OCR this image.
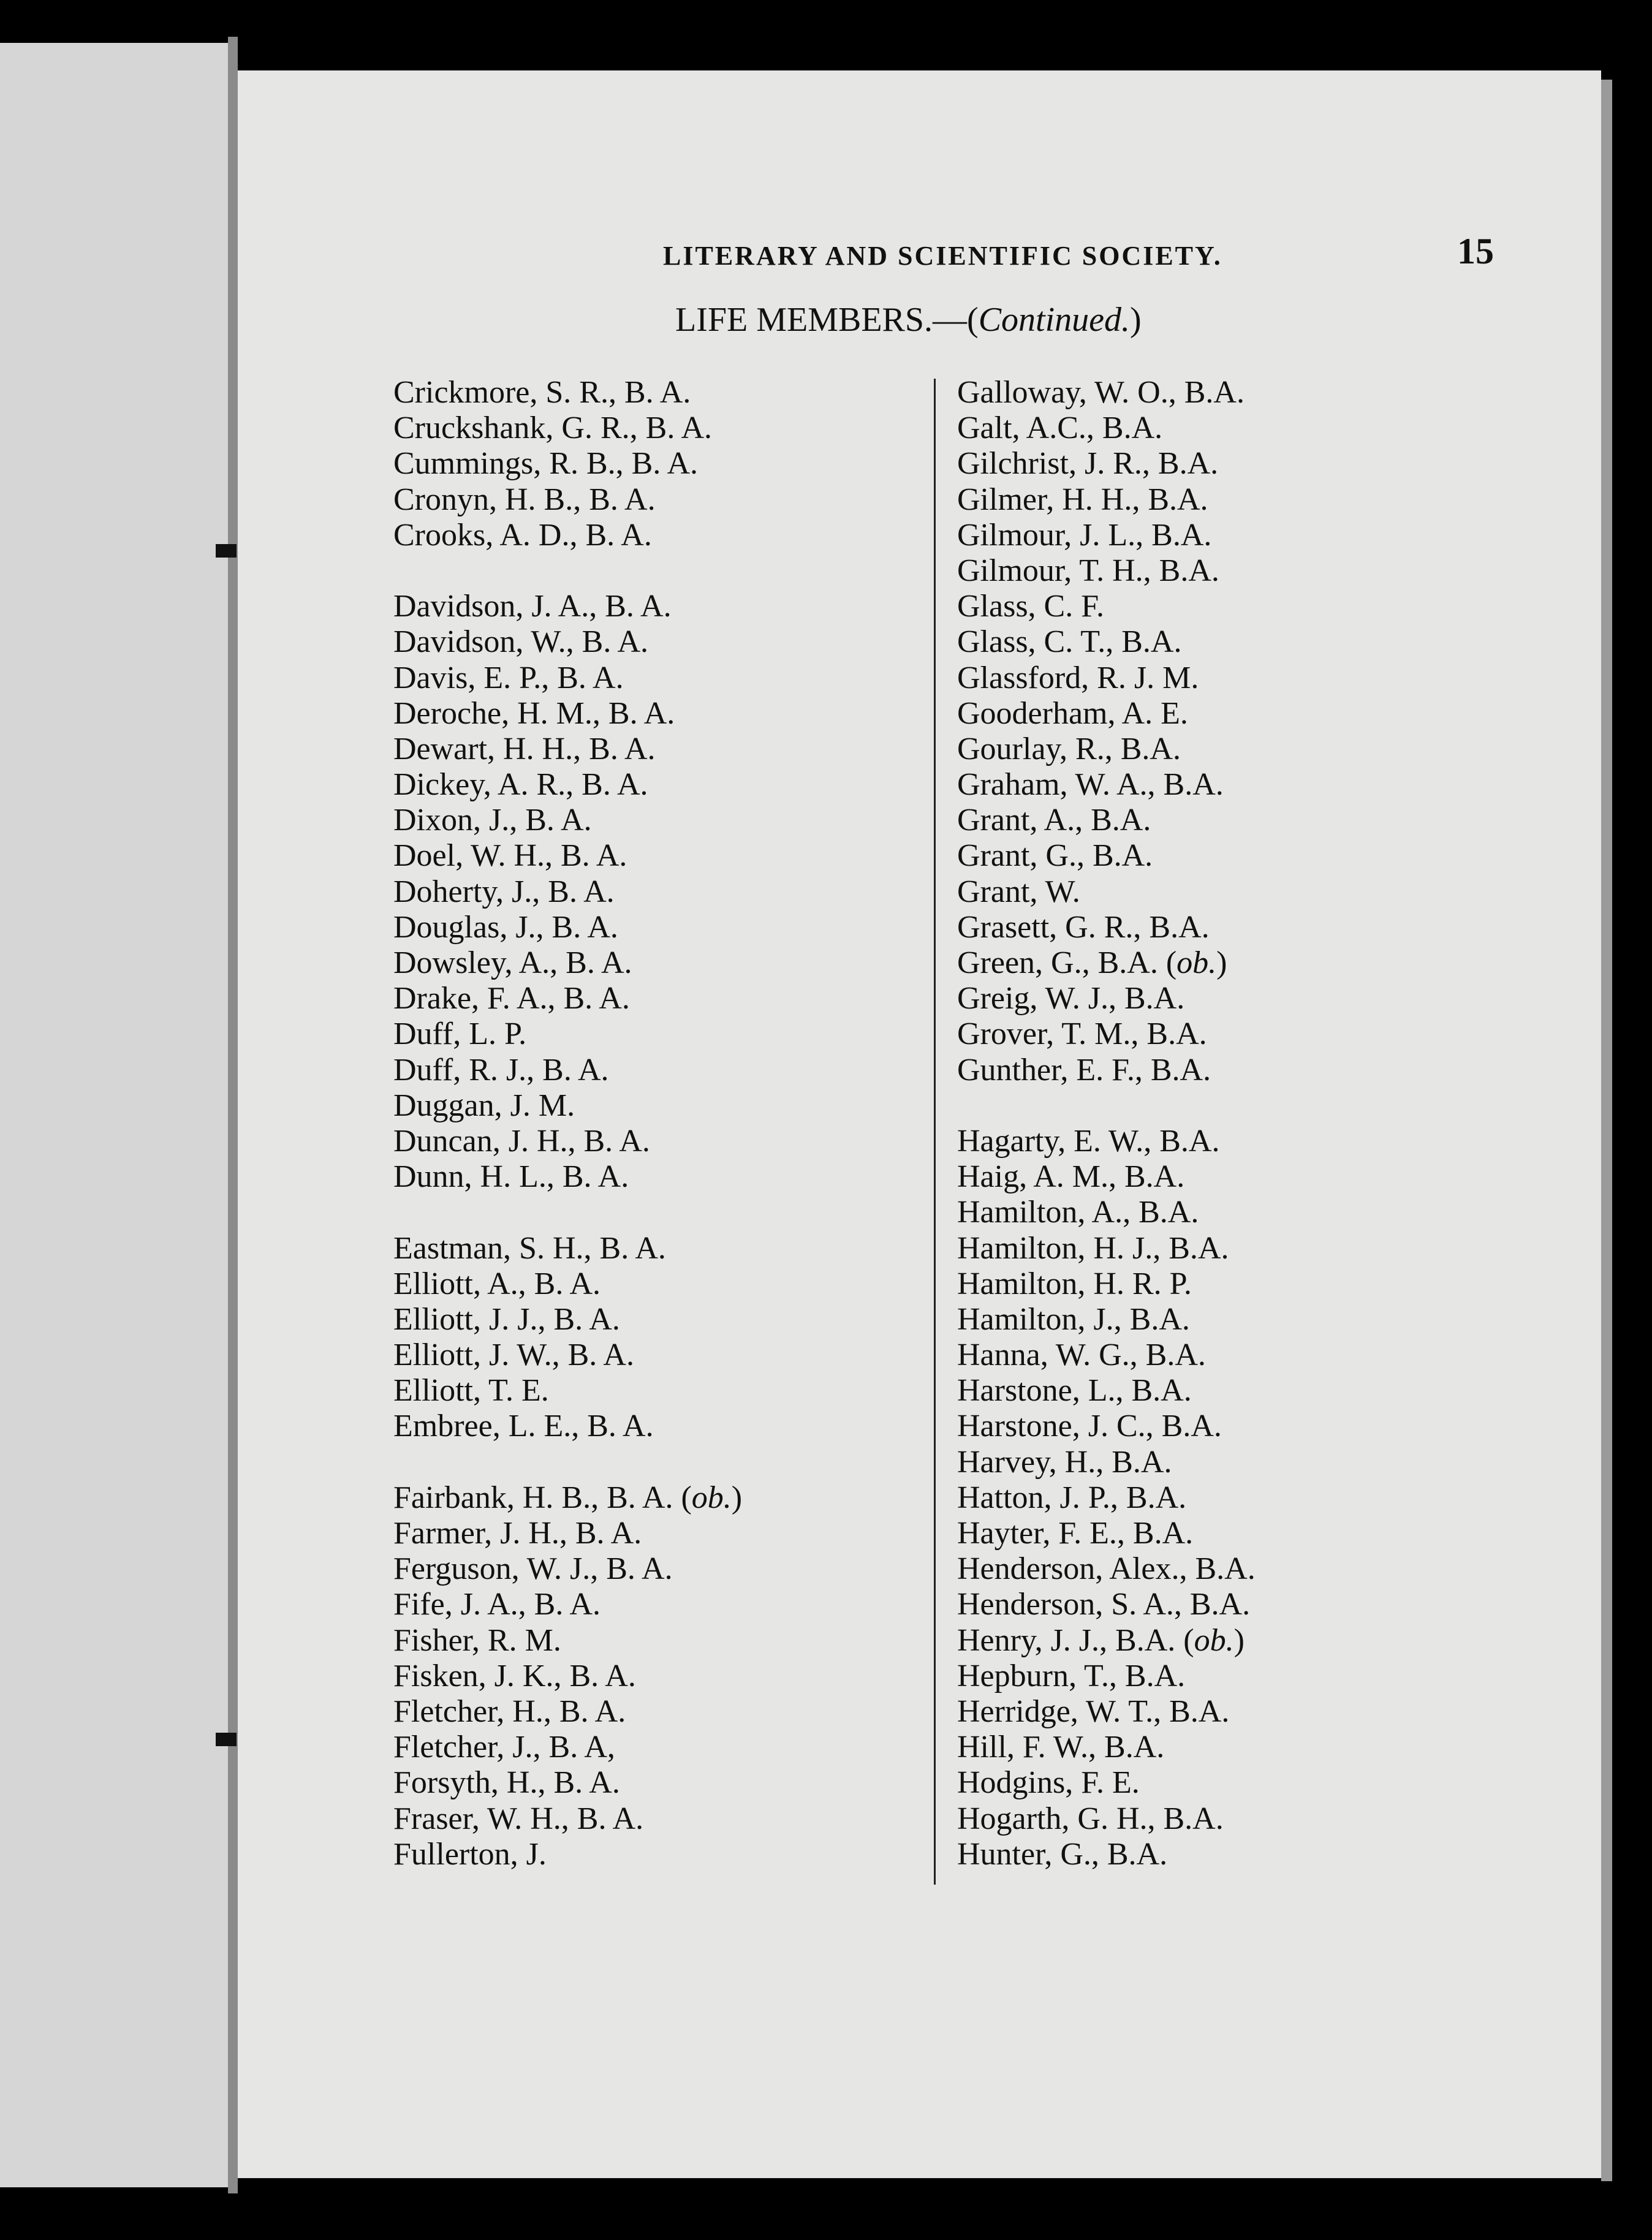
LITERARY AND SCIENTIFIC SOCIETY.	15
LIFE MEMBERS.—(Continued.)
Crickmore, S. R., B. A.
Cruckshank, G. R., B. A.
Cummings, R. B., B. A.
Cronyn, H. B., B. A.
Crooks, A. D., B. A.
Davidson, J. A., B. A.
Davidson, W., B. A.
Davis, E. P., B. A.
Deroche, H. M., B. A.
Dewart, H. H., B. A.
Dickey, A. R., B. A.
Dixon, J., B. A.
Doel, W. H., B. A.
Doherty, J., B. A.
Douglas, J., B. A.
Dowsley, A., B. A.
Drake, F. A., B. A.
Duff, L. P.
Duff, R. J., B. A.
Duggan, J. M.
Duncan, J. H., B. A.
Dunn, H. L., B. A.
Eastman, S. H., B. A.
Elliott, A., B. A.
Elliott, J. J., B. A.
Elliott, J. W., B. A.
Elliott, T. E.
Embree, L. E., B. A.
Fairbank, H. B., B. A. (ob.)
Farmer, J. H., B. A.
Ferguson, W. J., B. A.
Fife, J. A., B. A.
Fisher, R. M.
Fisken, J. K., B. A.
Fletcher, H., B. A.
Fletcher, J., B. A,
Forsyth, H., B. A.
Fraser, W. H., B. A.
Fullerton, J.
Galloway, W. O., B.A.
Galt, A.C., B.A.
Gilchrist, J. R., B.A.
Gilmer, H. H., B.A.
Gilmour, J. L., B.A.
Gilmour, T. H., B.A.
Glass, C. F.
Glass, C. T., B.A.
Glassford, R. J. M.
Gooderham, A. E.
Gourlay, R., B.A.
Graham, W. A., B.A.
Grant, A., B.A.
Grant, G., B.A.
Grant, W.
Grasett, G. R., B.A.
Green, G., B.A. (ob.)
Greig, W. J., B.A.
Grover, T. M., B.A.
Gunther, E. F., B.A.
Hagarty, E. W., B.A.
Haig, A. M., B.A.
Hamilton, A., B.A.
Hamilton, H. J., B.A.
Hamilton, H. R. P.
Hamilton, J., B.A.
Hanna, W. G., B.A.
Harstone, L., B.A.
Harstone, J. C., B.A.
Harvey, H., B.A.
Hatton, J. P., B.A.
Hayter, F. E., B.A.
Henderson, Alex., B.A.
Henderson, S. A., B.A.
Henry, J. J., B.A. (ob.)
Hepburn, T., B.A.
Herridge, W. T., B.A.
Hill, F. W., B.A.
Hodgins, F. E.
Hogarth, G. H., B.A.
Hunter, G., B.A.
